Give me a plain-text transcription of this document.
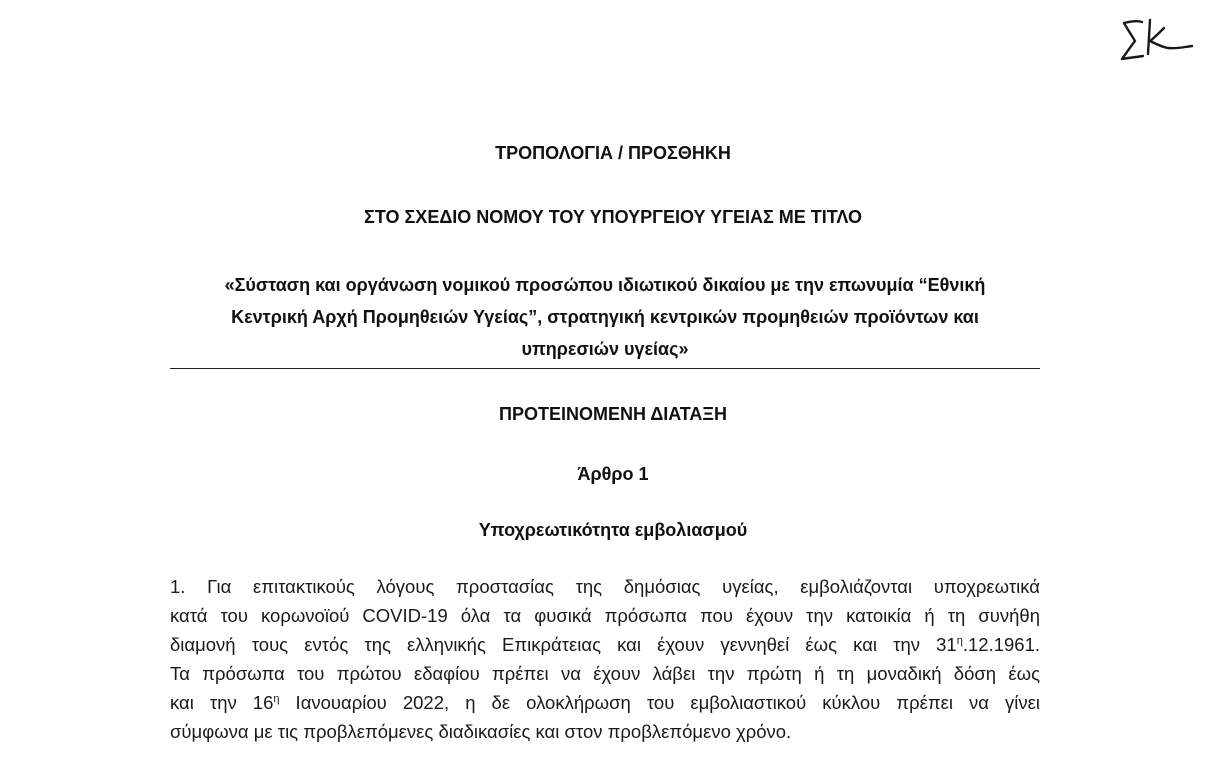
ΤΡΟΠΟΛΟΓΙΑ / ΠΡΟΣΘΗΚΗ
ΣΤΟ ΣΧΕΔΙΟ ΝΟΜΟΥ ΤΟΥ ΥΠΟΥΡΓΕΙΟΥ ΥΓΕΙΑΣ ΜΕ ΤΙΤΛΟ
«Σύσταση και οργάνωση νομικού προσώπου ιδιωτικού δικαίου με την επωνυμία “Εθνική
Κεντρική Αρχή Προμηθειών Υγείας”, στρατηγική κεντρικών προμηθειών προϊόντων και
υπηρεσιών υγείας»
ΠΡΟΤΕΙΝΟΜΕΝΗ ΔΙΑΤΑΞΗ
Άρθρο 1
Υποχρεωτικότητα εμβολιασμού
1. Για επιτακτικούς λόγους προστασίας της δημόσιας υγείας, εμβολιάζονται υποχρεωτικά
κατά του κορωνοϊού COVID-19 όλα τα φυσικά πρόσωπα που έχουν την κατοικία ή τη συνήθη
διαμονή τους εντός της ελληνικής Επικράτειας και έχουν γεννηθεί έως και την $31^\eta.12.1961$.
Τα πρόσωπα του πρώτου εδαφίου πρέπει να έχουν λάβει την πρώτη ή τη μοναδική δόση έως
και την $16^\eta$ Ιανουαρίου 2022, η δε ολοκλήρωση του εμβολιαστικού κύκλου πρέπει να γίνει
σύμφωνα με τις προβλεπόμενες διαδικασίες και στον προβλεπόμενο χρόνο.
